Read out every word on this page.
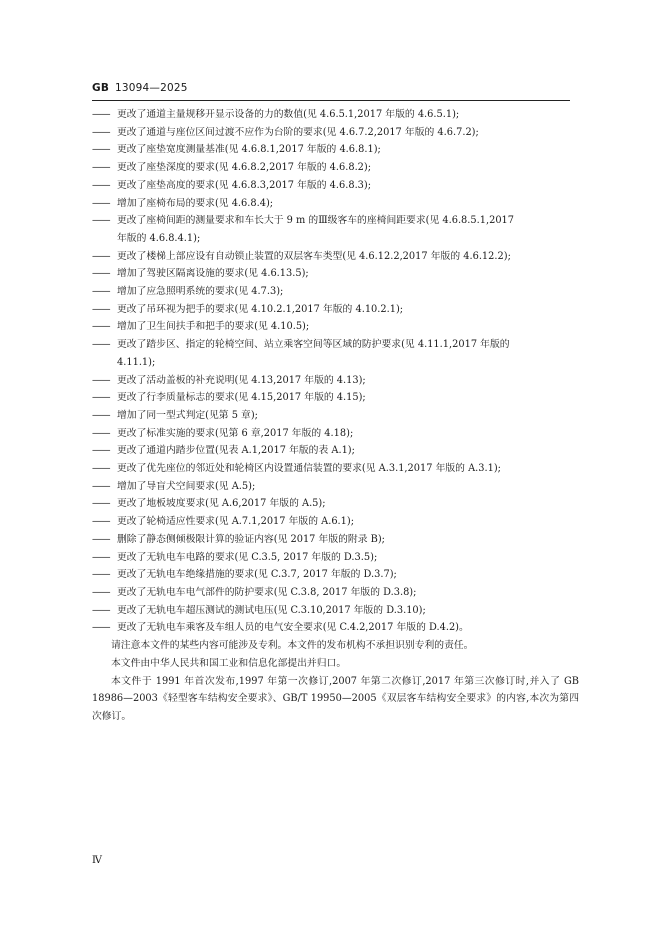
GB 13094—2025
—— 更改了通道主量规移开显示设备的力的数值(见 4.6.5.1,2017 年版的 4.6.5.1);
—— 更改了通道与座位区间过渡不应作为台阶的要求(见 4.6.7.2,2017 年版的 4.6.7.2);
—— 更改了座垫宽度测量基准(见 4.6.8.1,2017 年版的 4.6.8.1);
—— 更改了座垫深度的要求(见 4.6.8.2,2017 年版的 4.6.8.2);
—— 更改了座垫高度的要求(见 4.6.8.3,2017 年版的 4.6.8.3);
—— 增加了座椅布局的要求(见 4.6.8.4);
—— 更改了座椅间距的测量要求和车长大于 9 m 的Ⅲ级客车的座椅间距要求(见 4.6.8.5.1,2017
年版的 4.6.8.4.1);
—— 更改了楼梯上部应设有自动锁止装置的双层客车类型(见 4.6.12.2,2017 年版的 4.6.12.2);
—— 增加了驾驶区隔离设施的要求(见 4.6.13.5);
—— 增加了应急照明系统的要求(见 4.7.3);
—— 更改了吊环视为把手的要求(见 4.10.2.1,2017 年版的 4.10.2.1);
—— 增加了卫生间扶手和把手的要求(见 4.10.5);
—— 更改了踏步区、指定的轮椅空间、站立乘客空间等区域的防护要求(见 4.11.1,2017 年版的
4.11.1);
—— 更改了活动盖板的补充说明(见 4.13,2017 年版的 4.13);
—— 更改了行李质量标志的要求(见 4.15,2017 年版的 4.15);
—— 增加了同一型式判定(见第 5 章);
—— 更改了标准实施的要求(见第 6 章,2017 年版的 4.18);
—— 更改了通道内踏步位置(见表 A.1,2017 年版的表 A.1);
—— 更改了优先座位的邻近处和轮椅区内设置通信装置的要求(见 A.3.1,2017 年版的 A.3.1);
—— 增加了导盲犬空间要求(见 A.5);
—— 更改了地板坡度要求(见 A.6,2017 年版的 A.5);
—— 更改了轮椅适应性要求(见 A.7.1,2017 年版的 A.6.1);
—— 删除了静态侧倾极限计算的验证内容(见 2017 年版的附录 B);
—— 更改了无轨电车电路的要求(见 C.3.5, 2017 年版的 D.3.5);
—— 更改了无轨电车绝缘措施的要求(见 C.3.7, 2017 年版的 D.3.7);
—— 更改了无轨电车电气部件的防护要求(见 C.3.8, 2017 年版的 D.3.8);
—— 更改了无轨电车超压测试的测试电压(见 C.3.10,2017 年版的 D.3.10);
—— 更改了无轨电车乘客及车组人员的电气安全要求(见 C.4.2,2017 年版的 D.4.2)。
请注意本文件的某些内容可能涉及专利。本文件的发布机构不承担识别专利的责任。
本文件由中华人民共和国工业和信息化部提出并归口。
本文件于 1991 年首次发布,1997 年第一次修订,2007 年第二次修订,2017 年第三次修订时,并入了 GB 18986—2003《轻型客车结构安全要求》、GB/T 19950—2005《双层客车结构安全要求》的内容,本次为第四次修订。
Ⅳ
